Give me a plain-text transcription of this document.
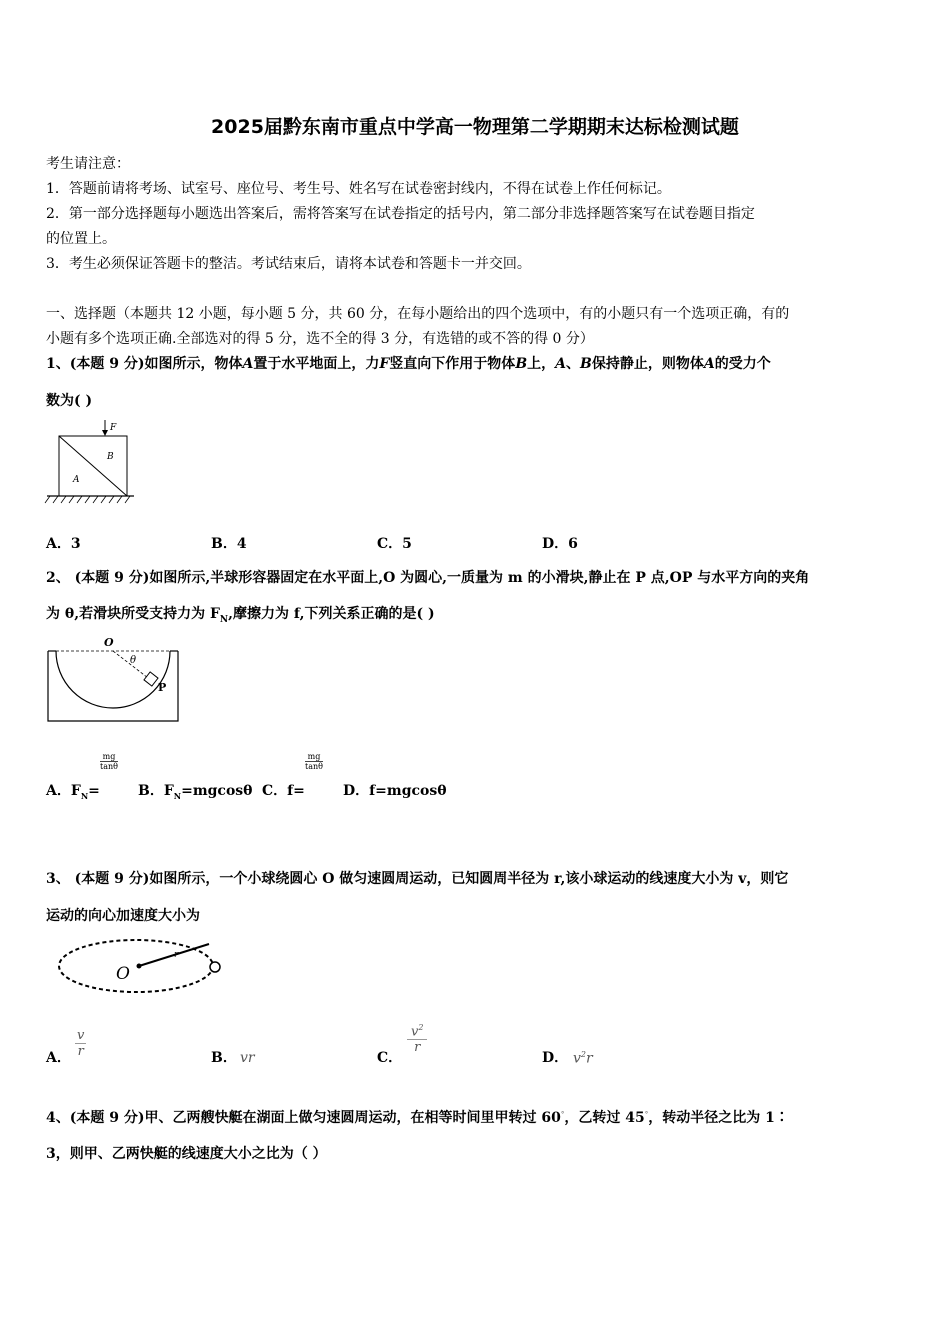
2025届黔东南市重点中学高一物理第二学期期末达标检测试题
考生请注意：
1．答题前请将考场、试室号、座位号、考生号、姓名写在试卷密封线内，不得在试卷上作任何标记。
2．第一部分选择题每小题选出答案后，需将答案写在试卷指定的括号内，第二部分非选择题答案写在试卷题目指定
的位置上。
3．考生必须保证答题卡的整洁。考试结束后，请将本试卷和答题卡一并交回。
一、选择题（本题共 12 小题，每小题 5 分，共 60 分，在每小题给出的四个选项中，有的小题只有一个选项正确，有的
小题有多个选项正确.全部选对的得 5 分，选不全的得 3 分，有选错的或不答的得 0 分）
1、(本题 9 分)如图所示，物体A置于水平地面上，力F竖直向下作用于物体B上，A、B保持静止，则物体A的受力个
数为( )
F
B
A
A．3	B．4	C．5	D．6
2、 (本题 9 分)如图所示,半球形容器固定在水平面上,O 为圆心,一质量为 m 的小滑块,静止在 P 点,OP 与水平方向的夹角
为 θ,若滑块所受支持力为 $F_N$,摩擦力为 f,下列关系正确的是( )
O
θ
P
A．$F_N=$
$\frac{mg}{\tan\theta}$
B．$F_N=mgcos\theta$ C．f=
$\frac{mg}{\tan\theta}$
D．f=mgcosθ
3、 (本题 9 分)如图所示，一个小球绕圆心 O 做匀速圆周运动，已知圆周半径为 r,该小球运动的线速度大小为 v，则它
运动的向心加速度大小为
O
r
A． $\frac{v}{r}$	B． vr	C．
$\frac{v^2}{r}$
D． $v^2r$
4、(本题 9 分)甲、乙两艘快艇在湖面上做匀速圆周运动，在相等时间里甲转过 60°，乙转过 45°，转动半径之比为 1∶
3，则甲、乙两快艇的线速度大小之比为（ ）
